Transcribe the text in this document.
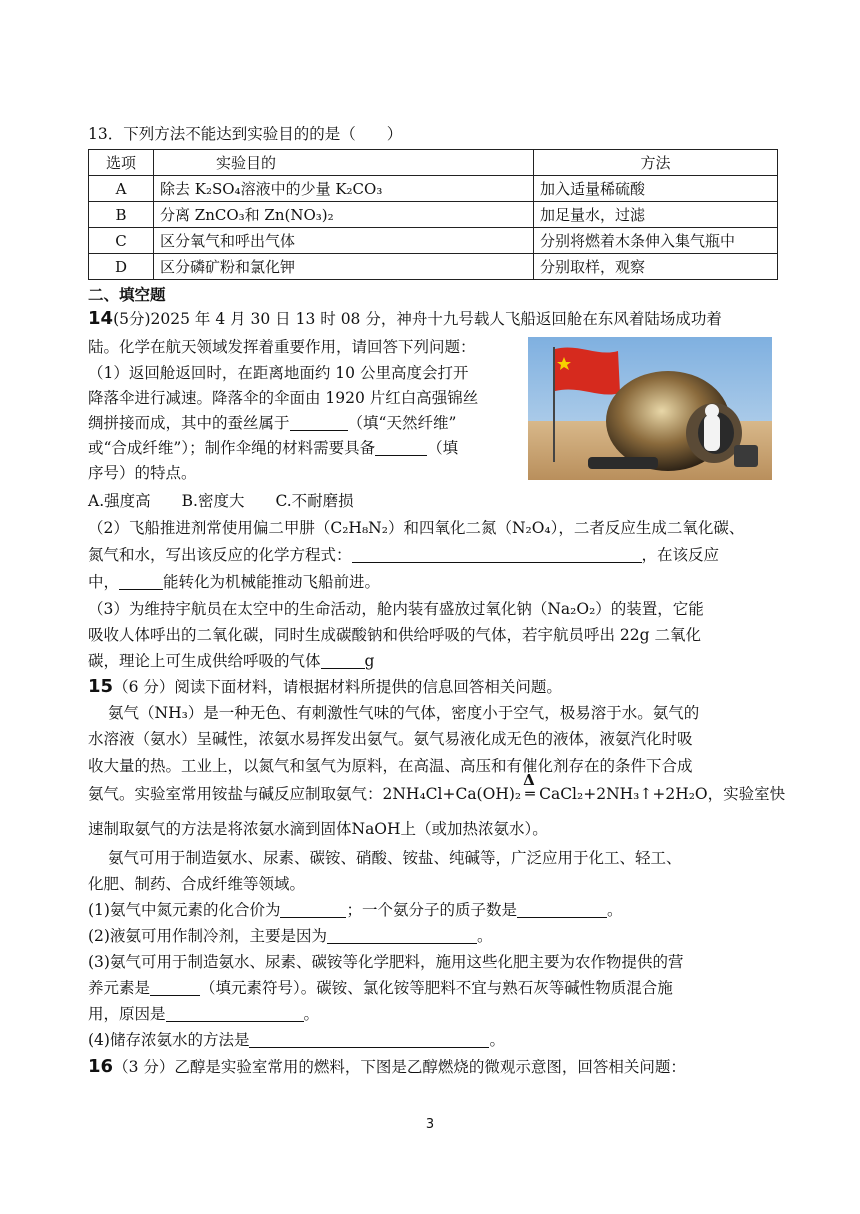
13．下列方法不能达到实验目的的是（　　）
选项	实验目的	方法
A	除去 K₂SO₄溶液中的少量 K₂CO₃	加入适量稀硫酸
B	分离 ZnCO₃和 Zn(NO₃)₂	加足量水，过滤
C	区分氧气和呼出气体	分别将燃着木条伸入集气瓶中
D	区分磷矿粉和氯化钾	分别取样，观察
二、填空题
14(5分)2025 年 4 月 30 日 13 时 08 分，神舟十九号载人飞船返回舱在东风着陆场成功着
陆。化学在航天领域发挥着重要作用，请回答下列问题：
（1）返回舱返回时，在距离地面约 10 公里高度会打开
降落伞进行减速。降落伞的伞面由 1920 片红白高强锦丝
绸拼接而成，其中的蚕丝属于	（填“天然纤维”
或“合成纤维”）；制作伞绳的材料需要具备	（填
序号）的特点。
A.强度高　　B.密度大　　C.不耐磨损
（2）飞船推进剂常使用偏二甲肼（C₂H₈N₂）和四氧化二氮（N₂O₄），二者反应生成二氧化碳、
氮气和水，写出该反应的化学方程式：	，在该反应
中，	能转化为机械能推动飞船前进。
（3）为维持宇航员在太空中的生命活动，舱内装有盛放过氧化钠（Na₂O₂）的装置，它能
吸收人体呼出的二氧化碳，同时生成碳酸钠和供给呼吸的气体，若宇航员呼出 22g 二氧化
碳，理论上可生成供给呼吸的气体	g
15（6 分）阅读下面材料，请根据材料所提供的信息回答相关问题。
氨气（NH₃）是一种无色、有刺激性气味的气体，密度小于空气，极易溶于水。氨气的
水溶液（氨水）呈碱性，浓氨水易挥发出氨气。氨气易液化成无色的液体，液氨汽化时吸
收大量的热。工业上，以氮气和氢气为原料，在高温、高压和有催化剂存在的条件下合成
氨气。实验室常用铵盐与碱反应制取氨气：2NH₄Cl+Ca(OH)₂
Δ
═ CaCl₂+2NH₃↑+2H₂O，实验室快
速制取氨气的方法是将浓氨水滴到固体NaOH上（或加热浓氨水）。
氨气可用于制造氨水、尿素、碳铵、硝酸、铵盐、纯碱等，广泛应用于化工、轻工、
化肥、制药、合成纤维等领域。
(1)氨气中氮元素的化合价为	；一个氨分子的质子数是	。
(2)液氨可用作制冷剂，主要是因为	。
(3)氨气可用于制造氨水、尿素、碳铵等化学肥料，施用这些化肥主要为农作物提供的营
养元素是	（填元素符号）。碳铵、氯化铵等肥料不宜与熟石灰等碱性物质混合施
用，原因是	。
(4)储存浓氨水的方法是	。
16（3 分）乙醇是实验室常用的燃料，下图是乙醇燃烧的微观示意图，回答相关问题：
3
